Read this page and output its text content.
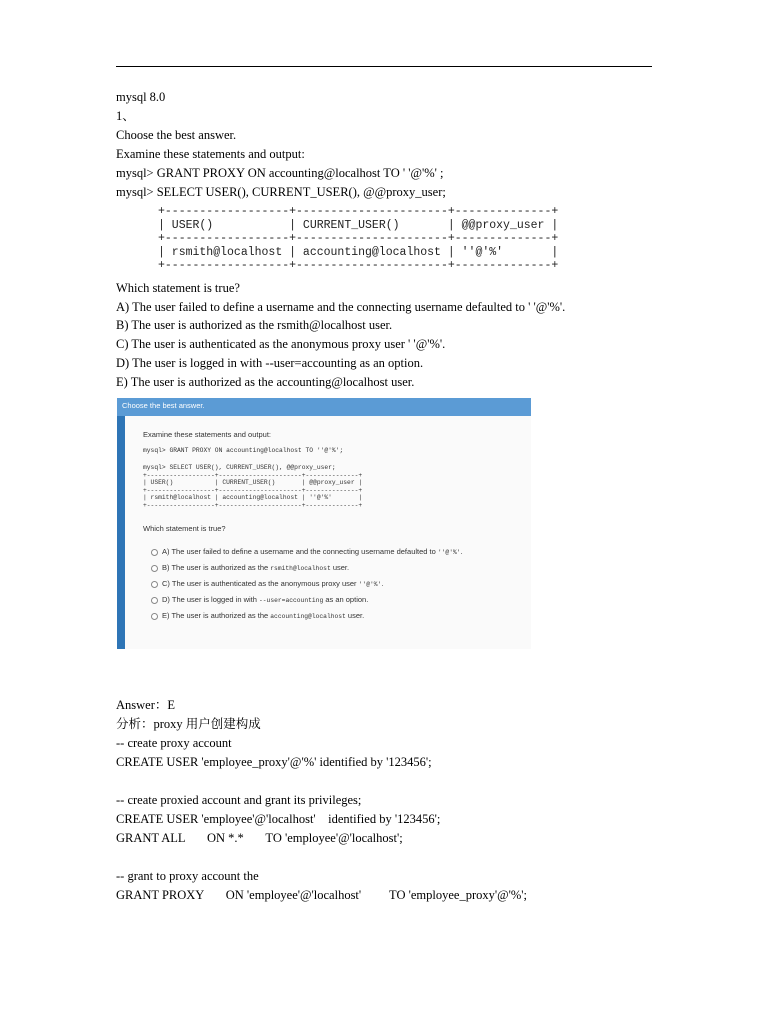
mysql 8.0
1、
Choose the best answer.
Examine these statements and output:
mysql> GRANT PROXY ON accounting@localhost TO ' '@'%' ;
mysql> SELECT USER(), CURRENT_USER(), @@proxy_user;
+------------------+----------------------+--------------+
| USER()           | CURRENT_USER()       | @@proxy_user |
+------------------+----------------------+--------------+
| rsmith@localhost | accounting@localhost | ''@'%'       |
+------------------+----------------------+--------------+
Which statement is true?
A) The user failed to define a username and the connecting username defaulted to ' '@'%'.
B) The user is authorized as the rsmith@localhost user.
C) The user is authenticated as the anonymous proxy user ' '@'%'.
D) The user is logged in with --user=accounting as an option.
E) The user is authorized as the accounting@localhost user.
Choose the best answer.
Examine these statements and output:
mysql> GRANT PROXY ON accounting@localhost TO ''@'%';
mysql> SELECT USER(), CURRENT_USER(), @@proxy_user;
+------------------+----------------------+--------------+
| USER()           | CURRENT_USER()       | @@proxy_user |
+------------------+----------------------+--------------+
| rsmith@localhost | accounting@localhost | ''@'%'       |
+------------------+----------------------+--------------+
Which statement is true?
A) The user failed to define a username and the connecting username defaulted to ''@'%'.
B) The user is authorized as the rsmith@localhost user.
C) The user is authenticated as the anonymous proxy user ''@'%'.
D) The user is logged in with --user=accounting as an option.
E) The user is authorized as the accounting@localhost user.
Answer：E
分析：proxy 用户创建构成
-- create proxy account
CREATE USER 'employee_proxy'@'%' identified by '123456';
-- create proxied account and grant its privileges;
CREATE USER 'employee'@'localhost'    identified by '123456';
GRANT ALL       ON *.*       TO 'employee'@'localhost';
-- grant to proxy account the
GRANT PROXY       ON 'employee'@'localhost'         TO 'employee_proxy'@'%';
